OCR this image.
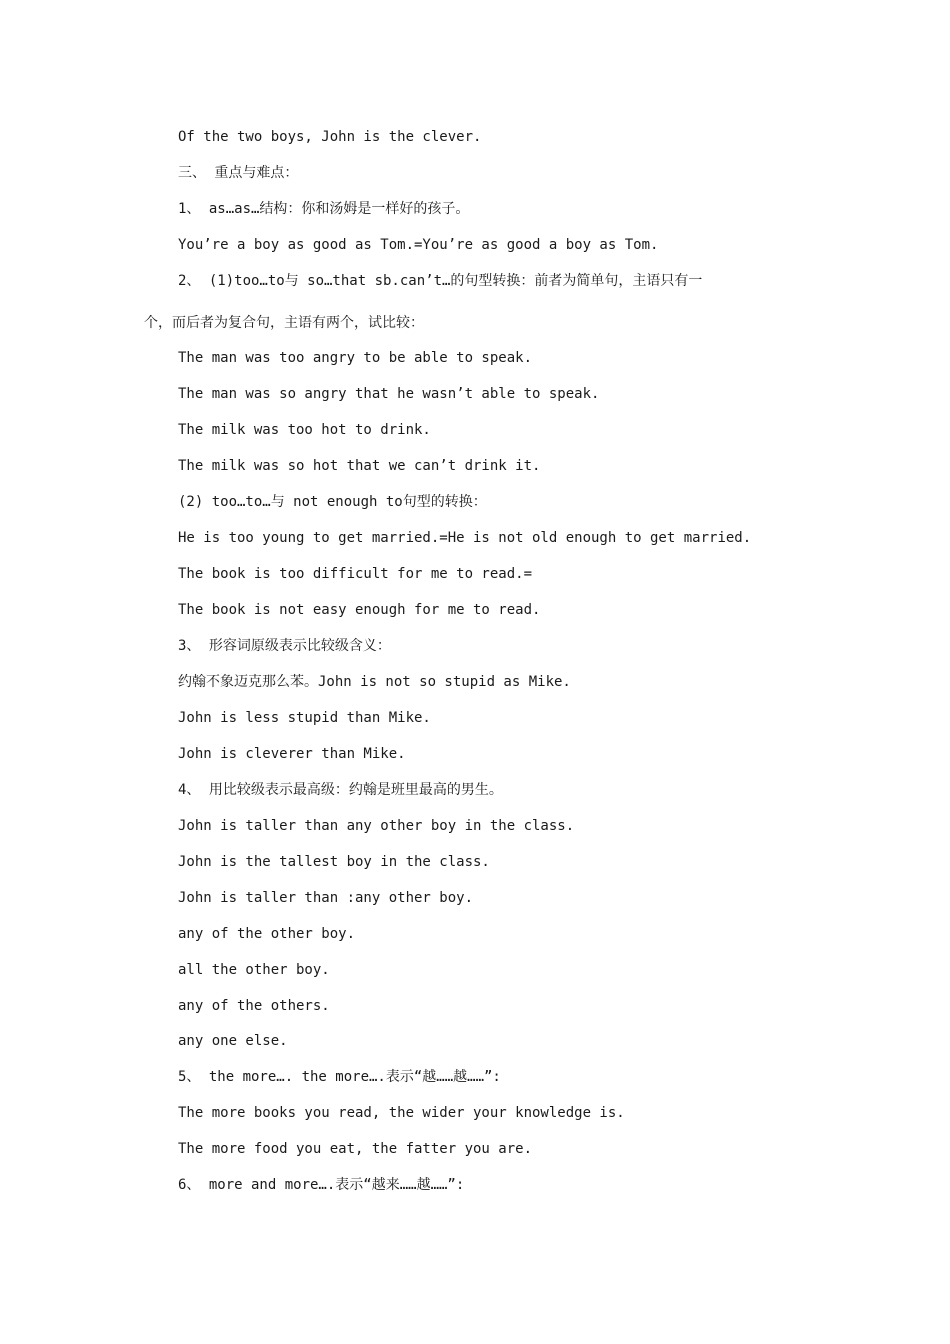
Of the two boys, John is the clever.
三、 重点与难点：
1、 as…as…结构：你和汤姆是一样好的孩子。
You’re a boy as good as Tom.=You’re as good a boy as Tom.
2、 (1)too…to与 so…that sb.can’t…的句型转换：前者为简单句，主语只有一
个，而后者为复合句，主语有两个，试比较：
The man was too angry to be able to speak.
The man was so angry that he wasn’t able to speak.
The milk was too hot to drink.
The milk was so hot that we can’t drink it.
(2) too…to…与 not enough to句型的转换：
He is too young to get married.=He is not old enough to get married.
The book is too difficult for me to read.=
The book is not easy enough for me to read.
3、 形容词原级表示比较级含义：
约翰不象迈克那么苯。John is not so stupid as Mike.
John is less stupid than Mike.
John is cleverer than Mike.
4、 用比较级表示最高级：约翰是班里最高的男生。
John is taller than any other boy in the class.
John is the tallest boy in the class.
John is taller than :any other boy.
any of the other boy.
all the other boy.
any of the others.
any one else.
5、 the more…. the more….表示“越……越……”:
The more books you read, the wider your knowledge is.
The more food you eat, the fatter you are.
6、 more and more….表示“越来……越……”:
